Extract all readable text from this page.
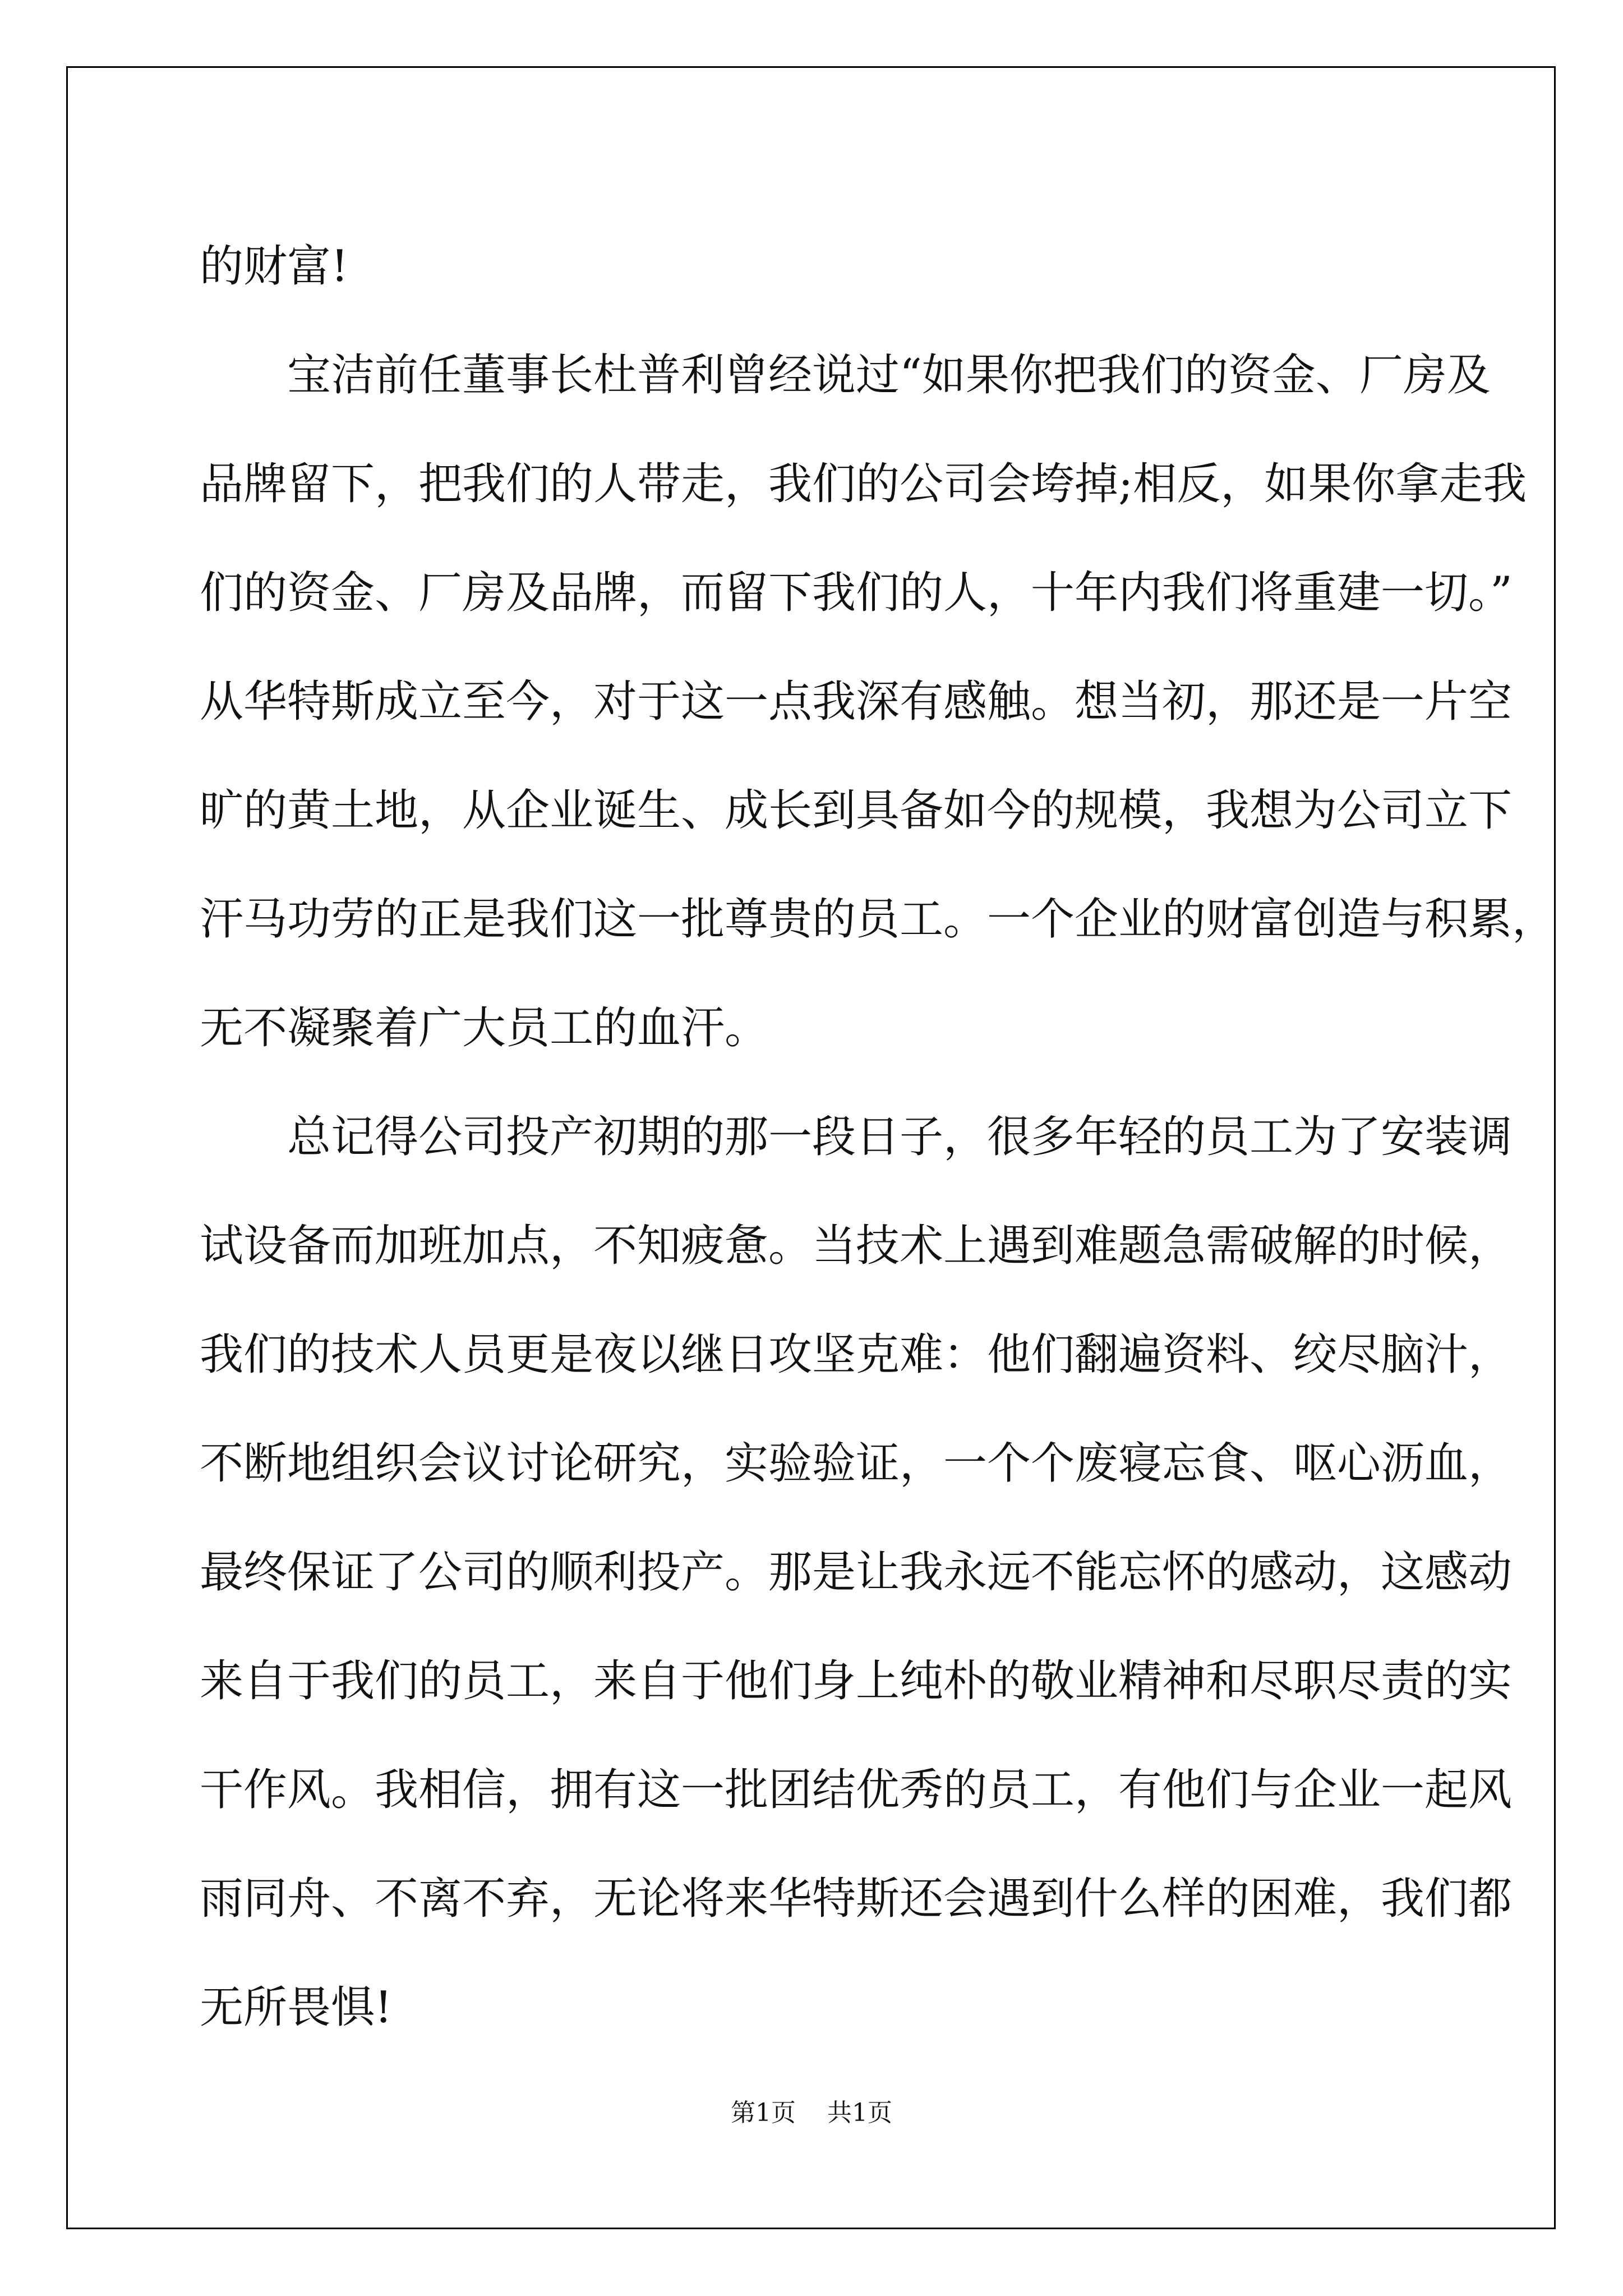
的财富!
　　宝洁前任董事长杜普利曾经说过“如果你把我们的资金、厂房及
品牌留下，把我们的人带走，我们的公司会垮掉;相反，如果你拿走我
们的资金、厂房及品牌，而留下我们的人，十年内我们将重建一切。”
从华特斯成立至今，对于这一点我深有感触。想当初，那还是一片空
旷的黄土地，从企业诞生、成长到具备如今的规模，我想为公司立下
汗马功劳的正是我们这一批尊贵的员工。一个企业的财富创造与积累，
无不凝聚着广大员工的血汗。
　　总记得公司投产初期的那一段日子，很多年轻的员工为了安装调
试设备而加班加点，不知疲惫。当技术上遇到难题急需破解的时候，
我们的技术人员更是夜以继日攻坚克难：他们翻遍资料、绞尽脑汁，
不断地组织会议讨论研究，实验验证，一个个废寝忘食、呕心沥血，
最终保证了公司的顺利投产。那是让我永远不能忘怀的感动，这感动
来自于我们的员工，来自于他们身上纯朴的敬业精神和尽职尽责的实
干作风。我相信，拥有这一批团结优秀的员工，有他们与企业一起风
雨同舟、不离不弃，无论将来华特斯还会遇到什么样的困难，我们都
无所畏惧!
第1页 共1页
